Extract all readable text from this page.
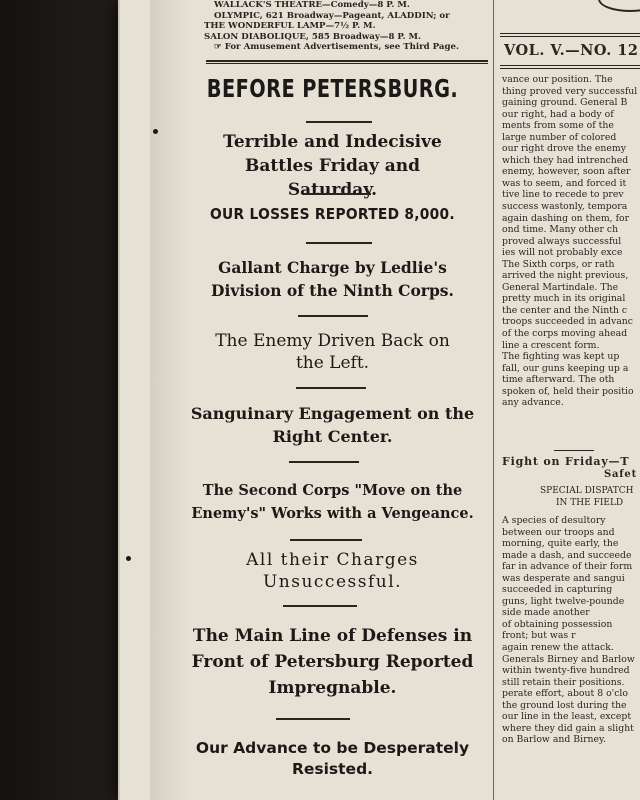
WALLACK'S THEATRE—Comedy—8 P. M.
OLYMPIC, 621 Broadway—Pageant, ALADDIN; or
THE WONDERFUL LAMP—7½ P. M.
SALON DIABOLIQUE, 585 Broadway—8 P. M.
☞ For Amusement Advertisements, see Third Page.
BEFORE PETERSBURG.
Terrible and Indecisive Battles Friday and Saturday.
OUR LOSSES REPORTED 8,000.
Gallant Charge by Ledlie's Division of the Ninth Corps.
The Enemy Driven Back on the Left.
Sanguinary Engagement on the Right Center.
The Second Corps "Move on the Enemy's" Works with a Vengeance.
All their Charges Unsuccessful.
The Main Line of Defenses in Front of Petersburg Reported Impregnable.
Our Advance to be Desperately Resisted.
VOL. V.—NO. 12
vance our position. The
thing proved very successful
gaining ground. General B
our right, had a body of
ments from some of the
large number of colored
our right drove the enemy
which they had intrenched
enemy, however, soon after
was to seem, and forced it
tive line to recede to prev
success wastonly, tempora
again dashing on them, for
ond time. Many other ch
proved always successful
ies will not probably exce
The Sixth corps, or rath
arrived the night previous,
General Martindale. The
pretty much in its original
the center and the Ninth c
troops succeeded in advanc
of the corps moving ahead
line a crescent form.
The fighting was kept up
fall, our guns keeping up a
time afterward. The oth
spoken of, held their positio
any advance.
Fight on Friday—T
Safet
SPECIAL DISPATCH
IN THE FIELD
A species of desultory
between our troops and
morning, quite early, the
made a dash, and succeede
far in advance of their form
was desperate and sangui
succeeded in capturing
guns, light twelve-pounde
side made another
of obtaining possession
front; but was r
again renew the attack.
Generals Birney and Barlow
within twenty-five hundred
still retain their positions.
perate effort, about 8 o'clo
the ground lost during the
our line in the least, except
where they did gain a slight
on Barlow and Birney.
